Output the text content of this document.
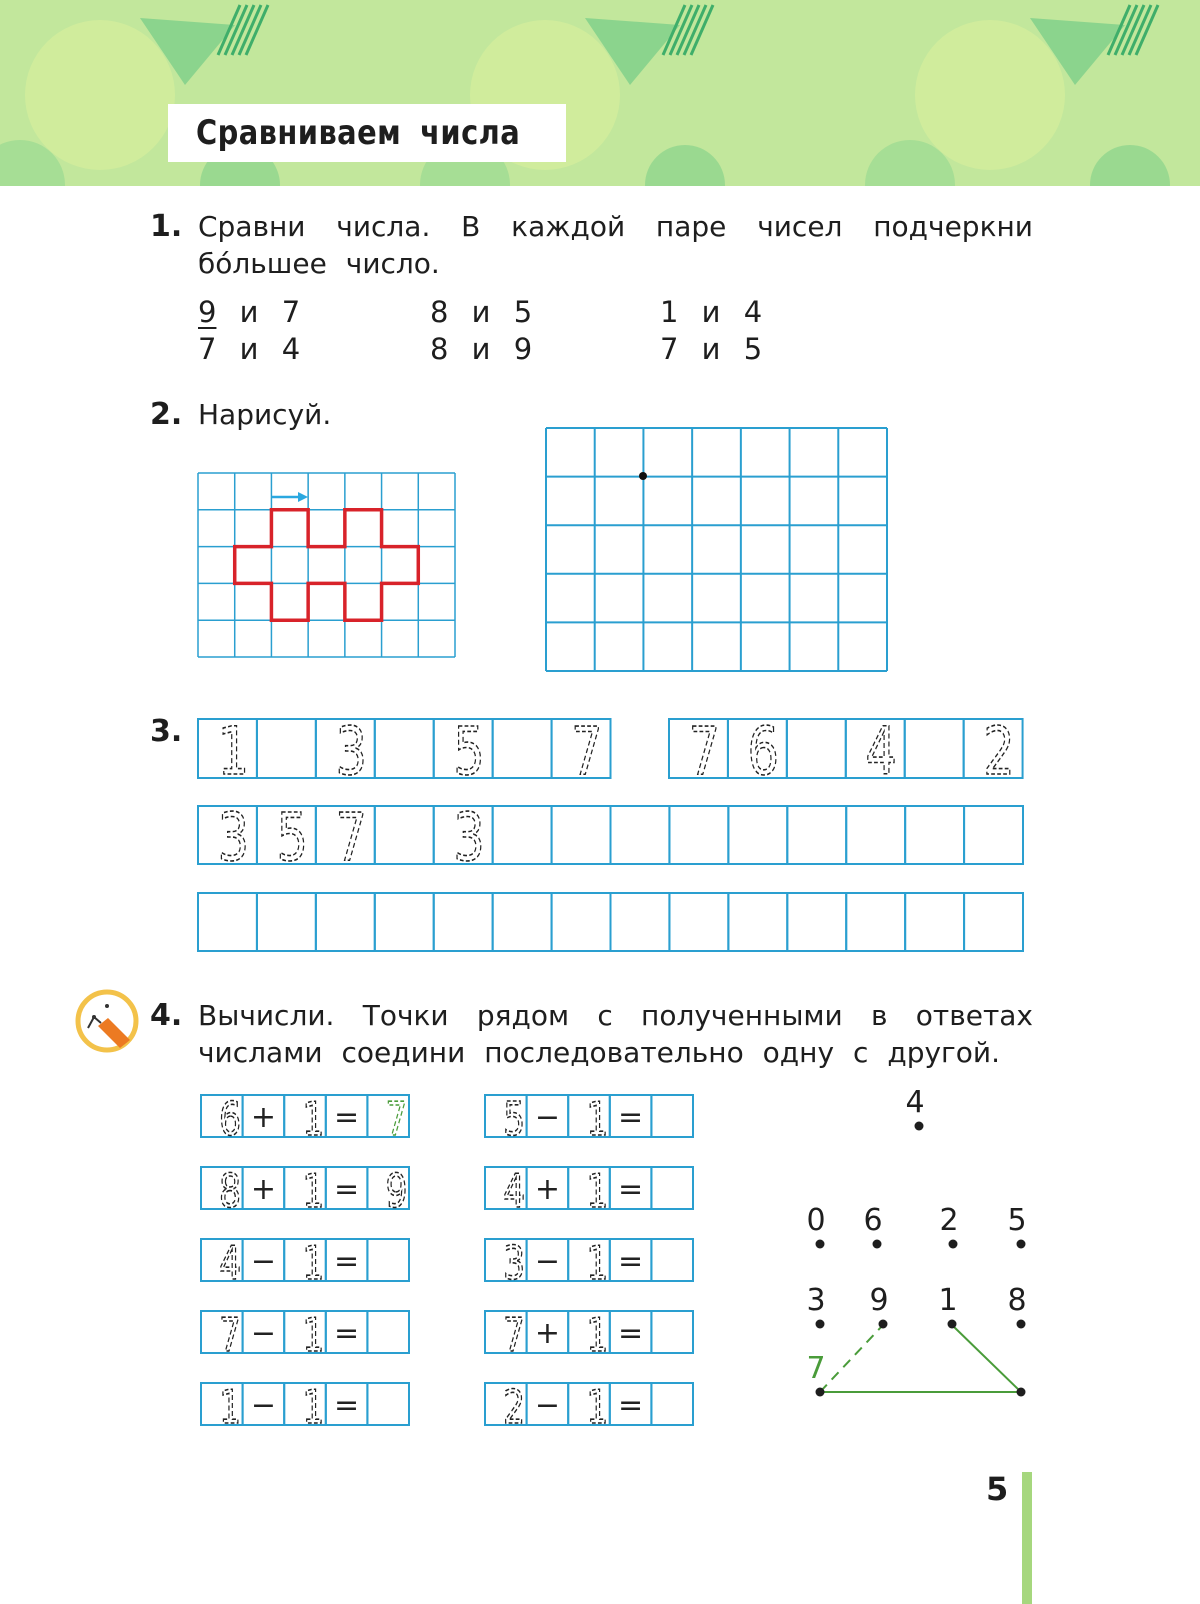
Сравниваем числа
1. Сравни числа. В каждой паре чисел подчеркни
бо́льшее число.
9 и 7	8 и 5	1 и 4
7 и 4	8 и 9	7 и 5
2. Нарисуй.
1 3 5 7 7 6 4 2
3 5 7 3
6 + 1 = 7
8 + 1 = 9
4 − 1 =
7 − 1 =
1 − 1 =
5 − 1 =
4 + 1 =
3 − 1 =
7 + 1 =
2 − 1 =
4
0 6 2 5
3 9 1 8
7
3.
4. Вычисли. Точки рядом с полученными в ответах
числами соедини последовательно одну с другой.
5
